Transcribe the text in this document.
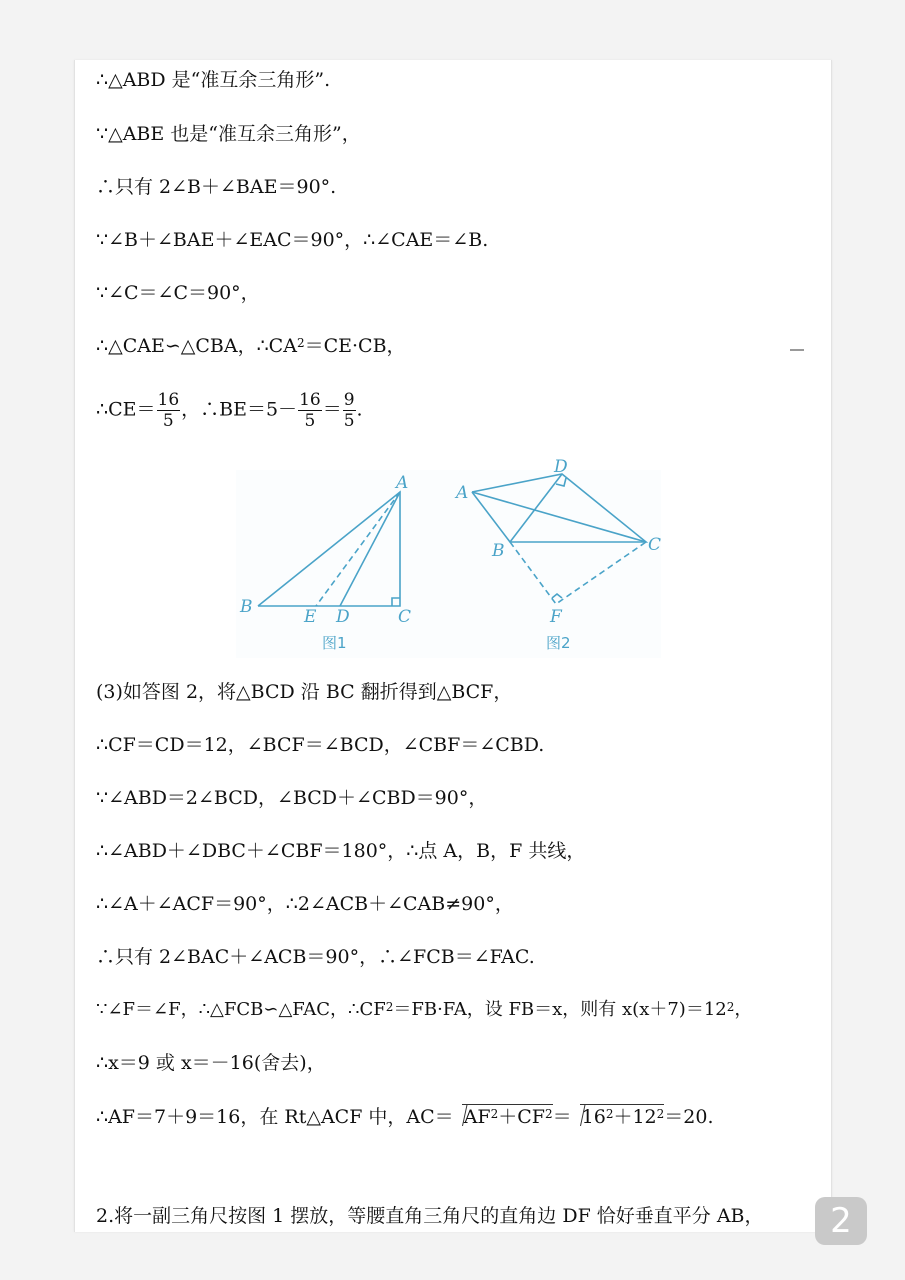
∴△ABD 是“准互余三角形”.
∵△ABE 也是“准互余三角形”，
∴只有 2∠B＋∠BAE＝90°.
∵∠B＋∠BAE＋∠EAC＝90°，∴∠CAE＝∠B.
∵∠C＝∠C＝90°，
∴△CAE∽△CBA，$\therefore CA^2=CE\cdot CB$，
∴CE＝ $\frac{16}{5}$ ，∴BE＝5－ $\frac{16}{5} = \frac{9}{5}$ .
A
B	C
D
E
A
B	C
D
F
图1	图2
(3)如答图 2，将△BCD 沿 BC 翻折得到△BCF，
∴CF＝CD＝12，∠BCF＝∠BCD，∠CBF＝∠CBD.
∵∠ABD＝2∠BCD，∠BCD＋∠CBD＝90°，
∴∠ABD＋∠DBC＋∠CBF＝180°，∴点 A，B，F 共线，
∴∠A＋∠ACF＝90°，∴2∠ACB＋∠CAB≠90°，
∴只有 2∠BAC＋∠ACB＝90°，∴∠FCB＝∠FAC.
∵∠F＝∠F，∴△FCB∽△FAC，$\therefore CF^2=FB\cdot FA$，设 FB＝x，则有 $x(x+7)=12^2$，
∴x＝9 或 x＝－16(舍去)，
∴AF＝7＋9＝16，在 Rt△ACF 中，$AC= AF^2+CF^2= 16^2+12^2=20$.
2.将一副三角尺按图 1 摆放，等腰直角三角尺的直角边 DF 恰好垂直平分 AB，	2
